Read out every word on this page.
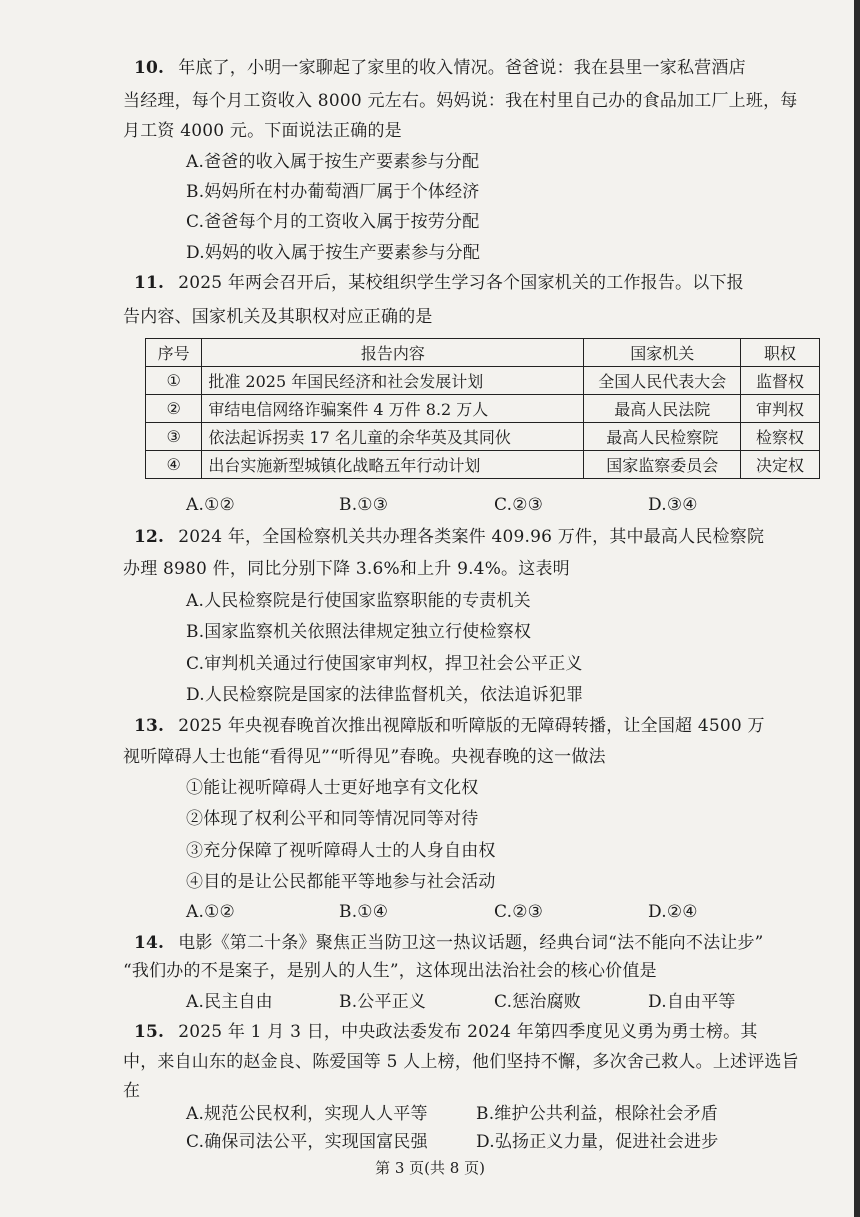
10. 年底了，小明一家聊起了家里的收入情况。爸爸说：我在县里一家私营酒店
当经理，每个月工资收入 8000 元左右。妈妈说：我在村里自己办的食品加工厂上班，每
月工资 4000 元。下面说法正确的是
A.爸爸的收入属于按生产要素参与分配
B.妈妈所在村办葡萄酒厂属于个体经济
C.爸爸每个月的工资收入属于按劳分配
D.妈妈的收入属于按生产要素参与分配
11. 2025 年两会召开后，某校组织学生学习各个国家机关的工作报告。以下报
告内容、国家机关及其职权对应正确的是
序号	报告内容	国家机关	职权
①	批准 2025 年国民经济和社会发展计划	全国人民代表大会	监督权
②	审结电信网络诈骗案件 4 万件 8.2 万人	最高人民法院	审判权
③	依法起诉拐卖 17 名儿童的余华英及其同伙	最高人民检察院	检察权
④	出台实施新型城镇化战略五年行动计划	国家监察委员会	决定权
A.①②	B.①③	C.②③	D.③④
12. 2024 年，全国检察机关共办理各类案件 409.96 万件，其中最高人民检察院
办理 8980 件，同比分别下降 3.6%和上升 9.4%。这表明
A.人民检察院是行使国家监察职能的专责机关
B.国家监察机关依照法律规定独立行使检察权
C.审判机关通过行使国家审判权，捍卫社会公平正义
D.人民检察院是国家的法律监督机关，依法追诉犯罪
13. 2025 年央视春晚首次推出视障版和听障版的无障碍转播，让全国超 4500 万
视听障碍人士也能“看得见”“听得见”春晚。央视春晚的这一做法
①能让视听障碍人士更好地享有文化权
②体现了权利公平和同等情况同等对待
③充分保障了视听障碍人士的人身自由权
④目的是让公民都能平等地参与社会活动
A.①②	B.①④	C.②③	D.②④
14. 电影《第二十条》聚焦正当防卫这一热议话题，经典台词“法不能向不法让步”
“我们办的不是案子，是别人的人生”，这体现出法治社会的核心价值是
A.民主自由	B.公平正义	C.惩治腐败	D.自由平等
15. 2025 年 1 月 3 日，中央政法委发布 2024 年第四季度见义勇为勇士榜。其
中，来自山东的赵金良、陈爱国等 5 人上榜，他们坚持不懈，多次舍己救人。上述评选旨
在
A.规范公民权利，实现人人平等	B.维护公共利益，根除社会矛盾
C.确保司法公平，实现国富民强	D.弘扬正义力量，促进社会进步
第 3 页(共 8 页)
